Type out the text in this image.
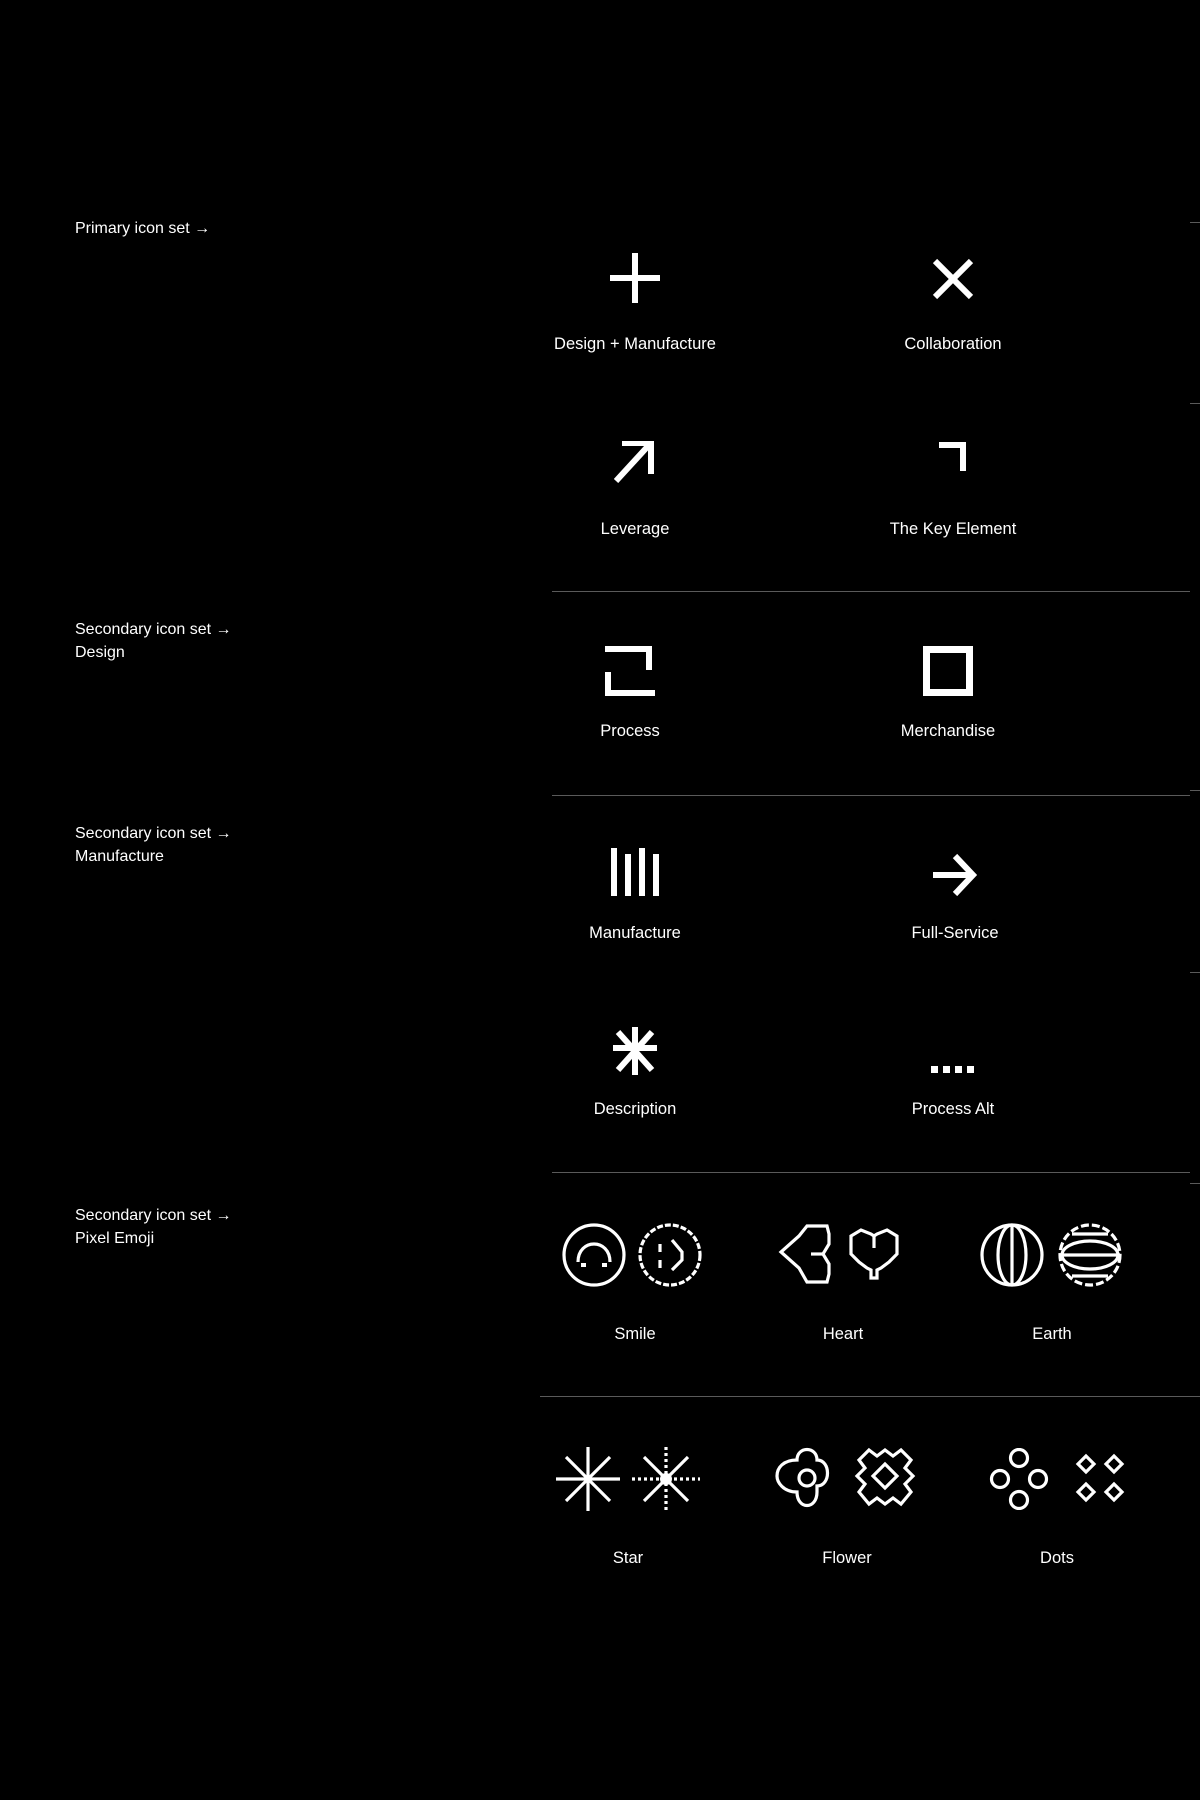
Primary icon set →
Secondary icon set →
Design
Secondary icon set →
Manufacture
Secondary icon set →
Pixel Emoji
Design + Manufacture	Collaboration
Leverage	The Key Element
Process	Merchandise
Manufacture	Full-Service
Description	Process Alt
Smile	Heart	Earth
Star	Flower	Dots
